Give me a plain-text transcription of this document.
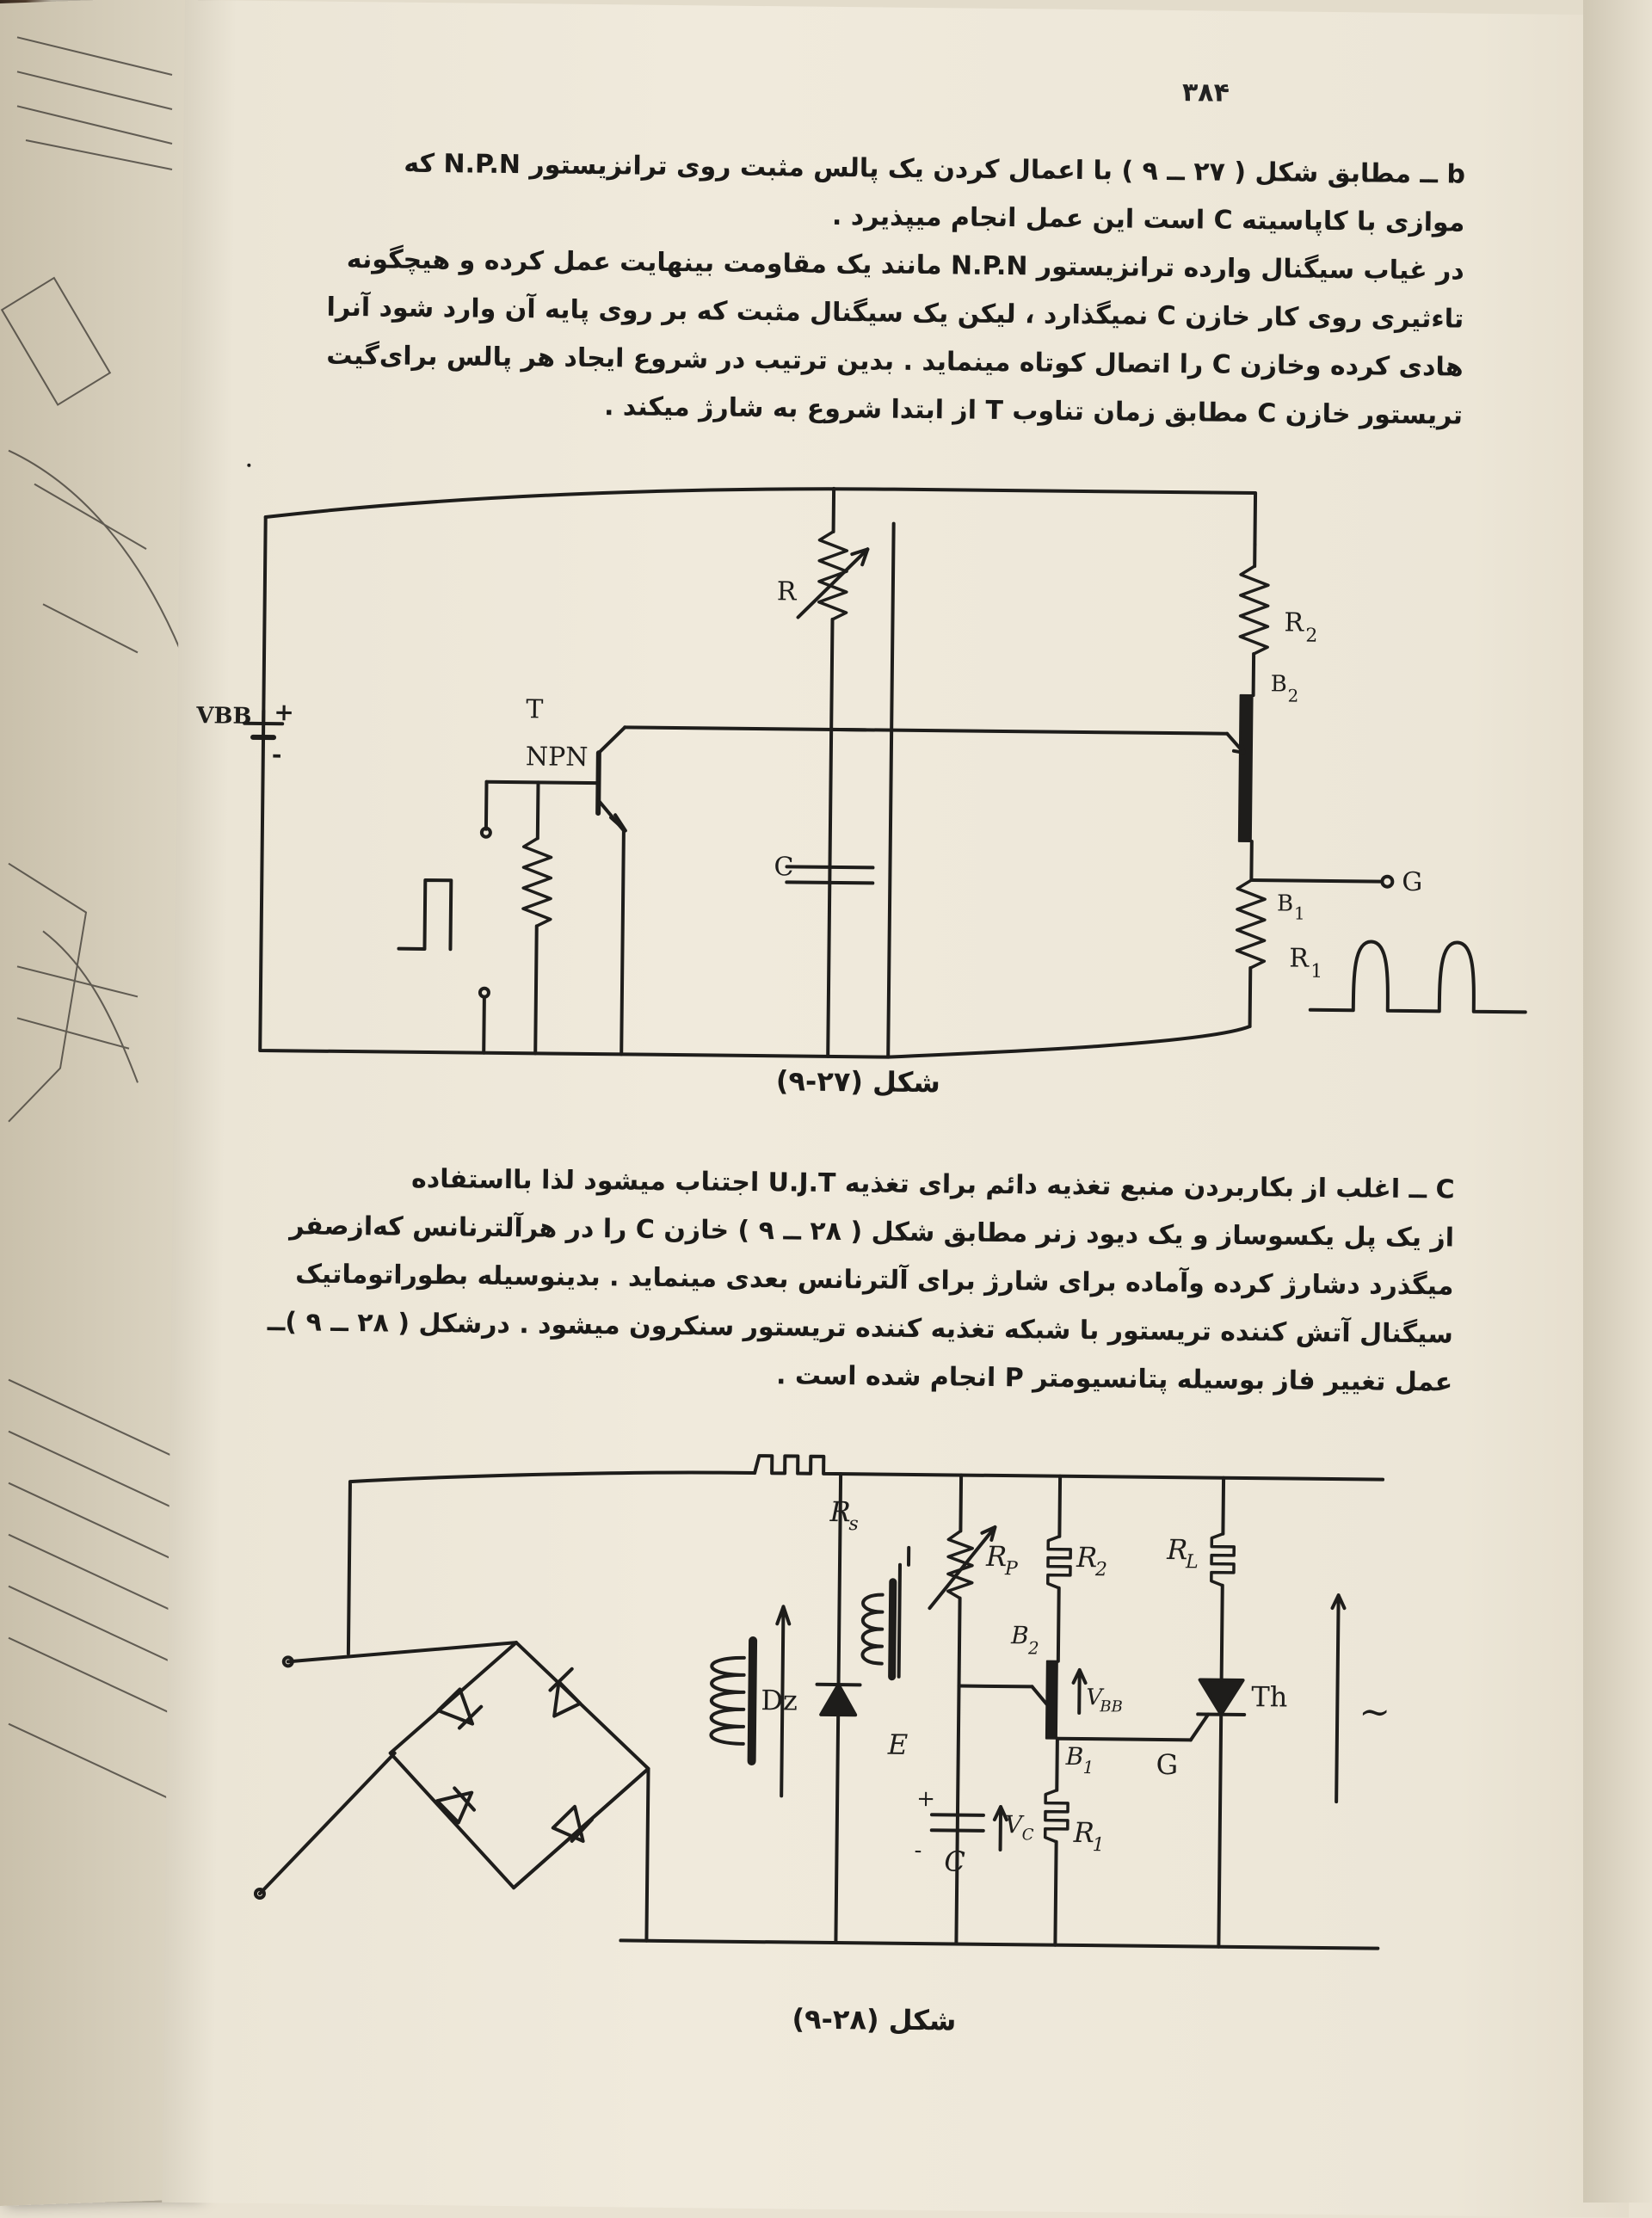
۳۸۴
b ــ مطابق شکل ( ۲۷ ــ ۹ ) با اعمال کردن یک پالس مثبت روی ترانزیستور N.P.N که
موازی با کاپاسیته C است این عمل انجام میپذیرد .
در غیاب سیگنال وارده ترانزیستور N.P.N مانند یک مقاومت بینهایت عمل کرده و هیچگونه
تاءثیری روی کار خازن C نمیگذارد ، لیکن یک سیگنال مثبت که بر روی پایه آن وارد شود آنرا
هادی کرده وخازن C را اتصال کوتاه مینماید . بدین ترتیب در شروع ایجاد هر پالس برای‌گیت
تریستور خازن C مطابق زمان تناوب T از ابتدا شروع به شارژ میکند .
VBB +
-
T
NPN
R
R 2
B 2
C
B 1
G
R 1
شکل (۲۷-۹)
C ــ اغلب از بکاربردن منبع تغذیه دائم برای تغذیه U.J.T اجتناب میشود لذا بااستفاده
از یک پل یکسوساز و یک دیود زنر مطابق شکل ( ۲۸ ــ ۹ ) خازن C را در هرآلترنانس که‌ازصفر
میگذرد دشارژ کرده وآماده برای شارژ برای آلترنانس بعدی مینماید . بدینوسیله بطوراتوماتیک
سیگنال آتش کننده تریستور با شبکه تغذیه کننده تریستور سنکرون میشود . درشکل ( ۲۸ ــ ۹ )ــ
عمل تغییر فاز بوسیله پتانسیومتر P انجام شده است .
R
s
R
P R
2
R
L
B
2
V
BB	Th
Dz
E	B
1 G
V C
C
+
-
R
1
~
شکل (۲۸-۹)
